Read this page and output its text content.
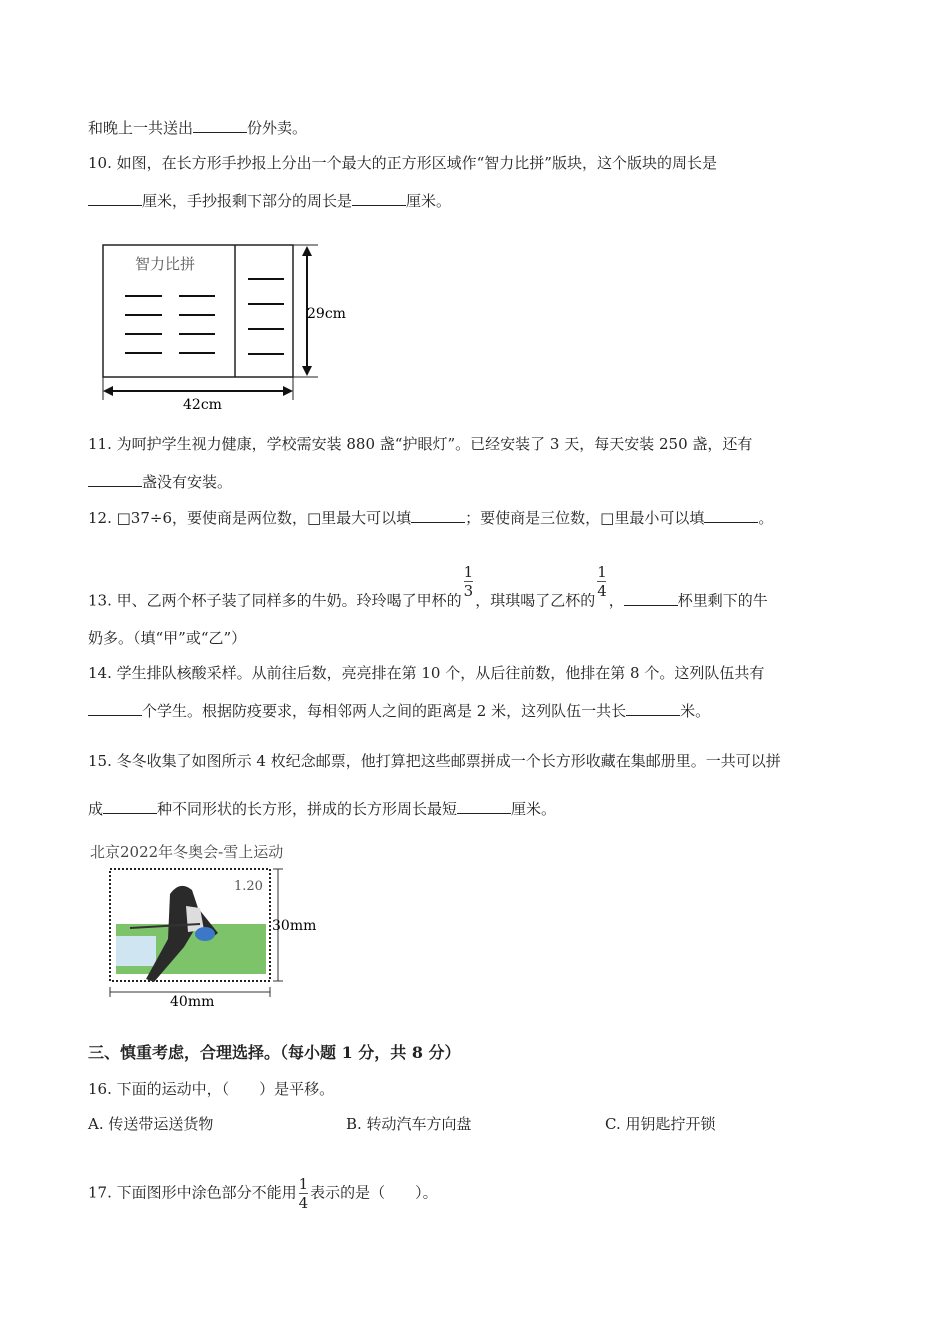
和晚上一共送出	份外卖。
10. 如图，在长方形手抄报上分出一个最大的正方形区域作“智力比拼”版块，这个版块的周长是
厘米，手抄报剩下部分的周长是	厘米。
智力比拼
29cm
42cm
11. 为呵护学生视力健康，学校需安装 880 盏“护眼灯”。已经安装了 3 天，每天安装 250 盏，还有
盏没有安装。
12. □37÷6，要使商是两位数，□里最大可以填	；要使商是三位数，□里最小可以填	。
13. 甲、乙两个杯子装了同样多的牛奶。玲玲喝了甲杯的
$\frac{1}{3}$
，琪琪喝了乙杯的
$\frac{1}{4}$
，	杯里剩下的牛
奶多。（填“甲”或“乙”）
14. 学生排队核酸采样。从前往后数，亮亮排在第 10 个，从后往前数，他排在第 8 个。这列队伍共有
个学生。根据防疫要求，每相邻两人之间的距离是 2 米，这列队伍一共长	米。
15. 冬冬收集了如图所示 4 枚纪念邮票，他打算把这些邮票拼成一个长方形收藏在集邮册里。一共可以拼
成	种不同形状的长方形，拼成的长方形周长最短	厘米。
北京2022年冬奥会-雪上运动
1.20
30mm
40mm
三、慎重考虑，合理选择。（每小题 1 分，共 8 分）
16. 下面的运动中，（　　）是平移。
A. 传送带运送货物	B. 转动汽车方向盘	C. 用钥匙拧开锁
17. 下面图形中涂色部分不能用 $\frac{1}{4}$ 表示的是（　　）。
